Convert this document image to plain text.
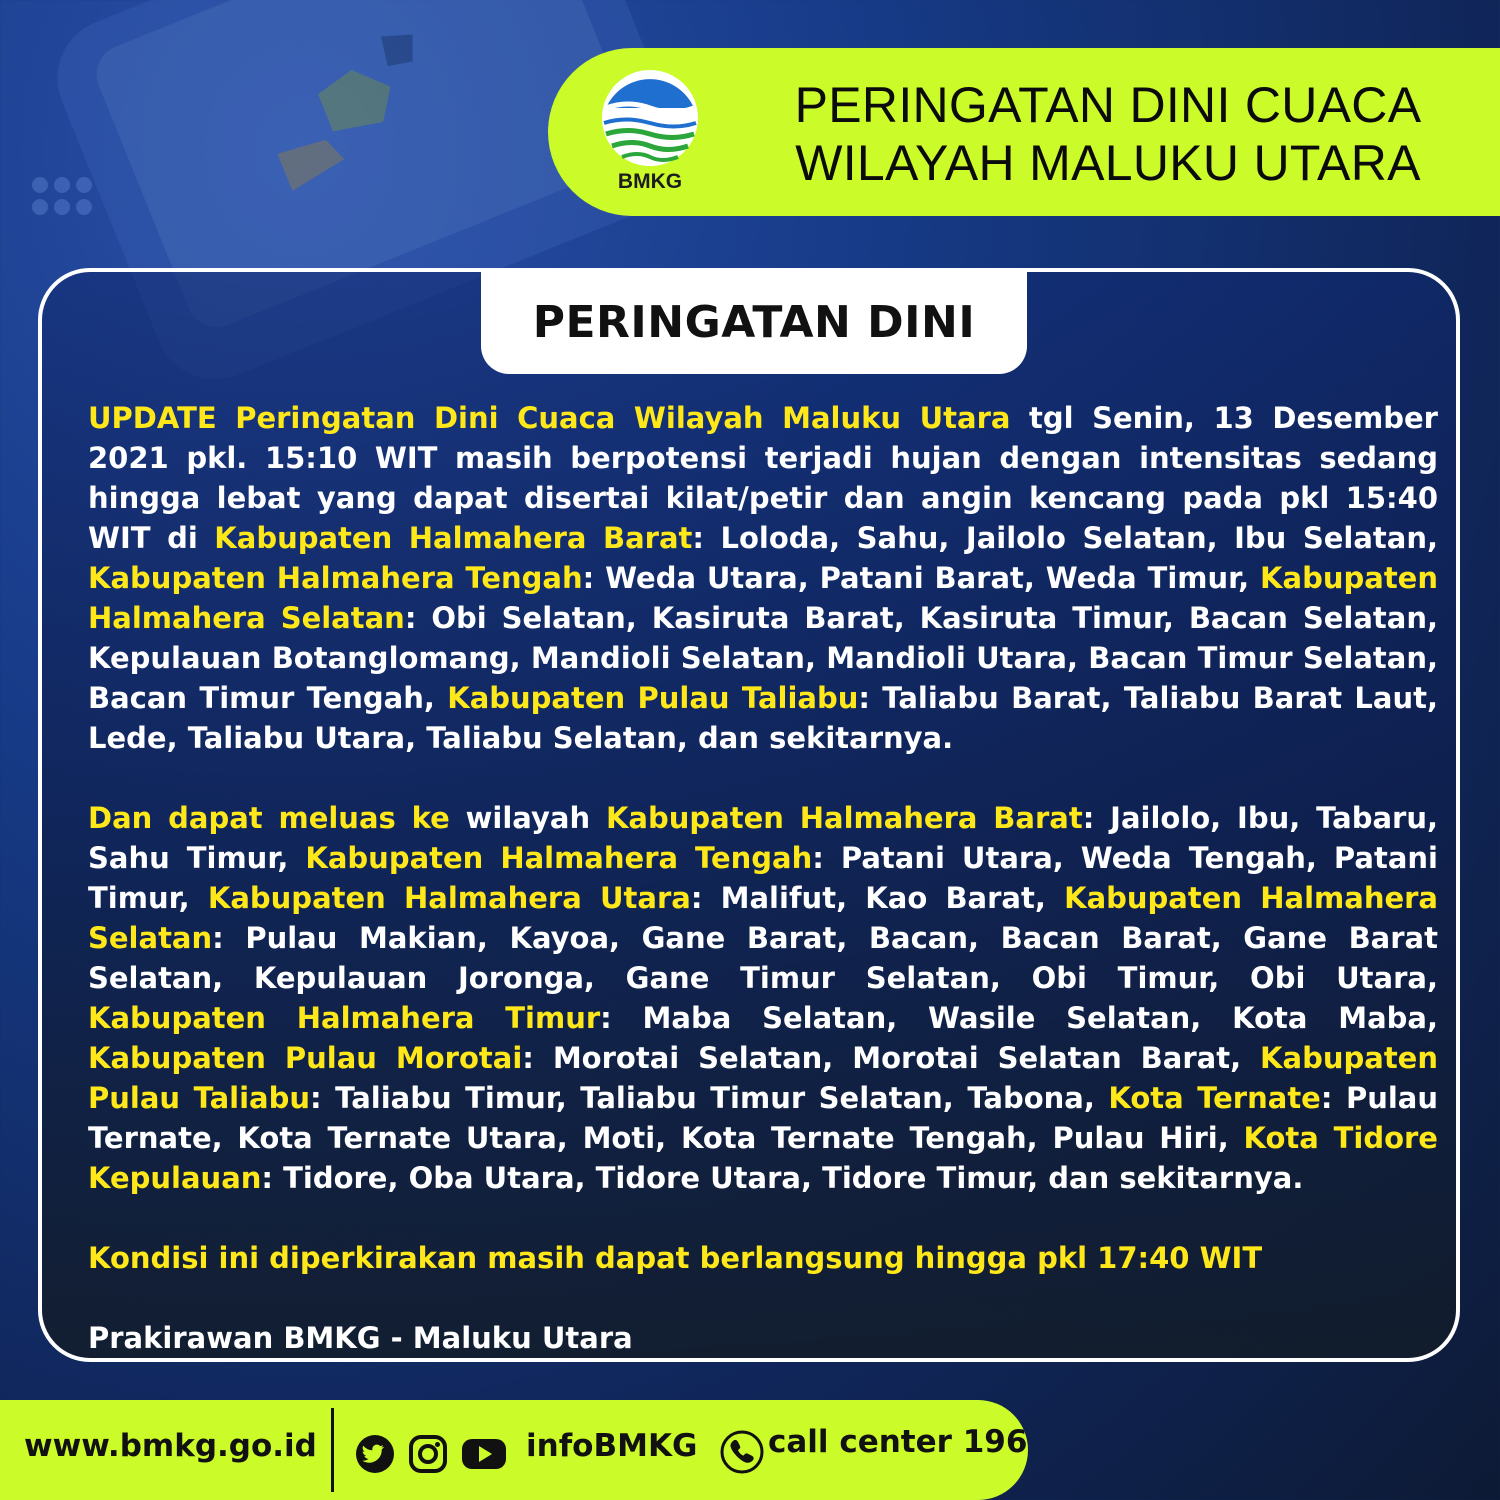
BMKG
PERINGATAN DINI CUACA
WILAYAH MALUKU UTARA
PERINGATAN DINI

UPDATE Peringatan Dini Cuaca Wilayah Maluku Utara tgl Senin, 13 Desember 2021 pkl. 15:10 WIT masih berpotensi terjadi hujan dengan intensitas sedang hingga lebat yang dapat disertai kilat/petir dan angin kencang pada pkl 15:40 WIT di Kabupaten Halmahera Barat: Loloda, Sahu, Jailolo Selatan, Ibu Selatan, Kabupaten Halmahera Tengah: Weda Utara, Patani Barat, Weda Timur, Kabupaten Halmahera Selatan: Obi Selatan, Kasiruta Barat, Kasiruta Timur, Bacan Selatan, Kepulauan Botanglomang, Mandioli Selatan, Mandioli Utara, Bacan Timur Selatan, Bacan Timur Tengah, Kabupaten Pulau Taliabu: Taliabu Barat, Taliabu Barat Laut, Lede, Taliabu Utara, Taliabu Selatan, dan sekitarnya.

Dan dapat meluas ke wilayah Kabupaten Halmahera Barat: Jailolo, Ibu, Tabaru, Sahu Timur, Kabupaten Halmahera Tengah: Patani Utara, Weda Tengah, Patani Timur, Kabupaten Halmahera Utara: Malifut, Kao Barat, Kabupaten Halmahera Selatan: Pulau Makian, Kayoa, Gane Barat, Bacan, Bacan Barat, Gane Barat Selatan, Kepulauan Joronga, Gane Timur Selatan, Obi Timur, Obi Utara, Kabupaten Halmahera Timur: Maba Selatan, Wasile Selatan, Kota Maba, Kabupaten Pulau Morotai: Morotai Selatan, Morotai Selatan Barat, Kabupaten Pulau Taliabu: Taliabu Timur, Taliabu Timur Selatan, Tabona, Kota Ternate: Pulau Ternate, Kota Ternate Utara, Moti, Kota Ternate Tengah, Pulau Hiri, Kota Tidore Kepulauan: Tidore, Oba Utara, Tidore Utara, Tidore Timur, dan sekitarnya.

Kondisi ini diperkirakan masih dapat berlangsung hingga pkl 17:40 WIT

Prakirawan BMKG - Maluku Utara

www.bmkg.go.id	infoBMKG call center 196
